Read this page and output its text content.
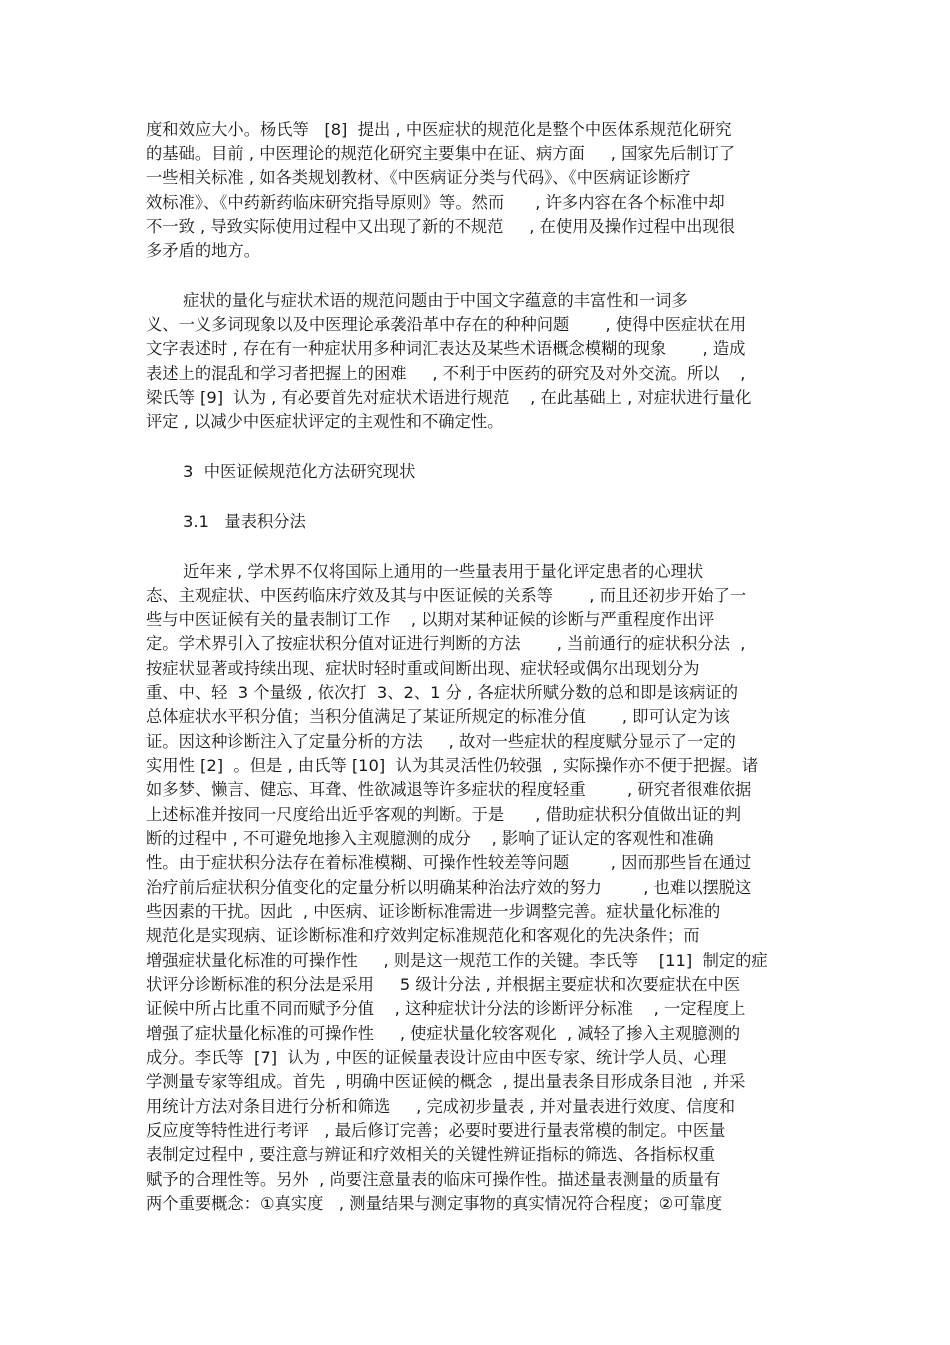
度和效应大小。杨氏等   [8]  提出 , 中医症状的规范化是整个中医体系规范化研究
的基础。目前 , 中医理论的规范化研究主要集中在证、病方面     , 国家先后制订了
一些相关标准 , 如各类规划教材、《中医病证分类与代码》、《中医病证诊断疗
效标准》、《中药新药临床研究指导原则》等。然而      , 许多内容在各个标准中却
不一致 , 导致实际使用过程中又出现了新的不规范     , 在使用及操作过程中出现很
多矛盾的地方。
症状的量化与症状术语的规范问题由于中国文字蕴意的丰富性和一词多
义、一义多词现象以及中医理论承袭沿革中存在的种种问题       , 使得中医症状在用
文字表述时 , 存在有一种症状用多种词汇表达及某些术语概念模糊的现象       , 造成
表述上的混乱和学习者把握上的困难     , 不利于中医药的研究及对外交流。所以    ,
梁氏等 [9]  认为 , 有必要首先对症状术语进行规范    , 在此基础上 , 对症状进行量化
评定 , 以减少中医症状评定的主观性和不确定性。
3  中医证候规范化方法研究现状
3.1   量表积分法
近年来 , 学术界不仅将国际上通用的一些量表用于量化评定患者的心理状
态、主观症状、中医药临床疗效及其与中医证候的关系等       , 而且还初步开始了一
些与中医证候有关的量表制订工作    , 以期对某种证候的诊断与严重程度作出评
定。学术界引入了按症状积分值对证进行判断的方法       , 当前通行的症状积分法  ,
按症状显著或持续出现、症状时轻时重或间断出现、症状轻或偶尔出现划分为
重、中、轻  3 个量级 , 依次打  3、2、1 分 , 各症状所赋分数的总和即是该病证的
总体症状水平积分值；当积分值满足了某证所规定的标准分值       , 即可认定为该
证。因这种诊断注入了定量分析的方法     , 故对一些症状的程度赋分显示了一定的
实用性 [2]  。但是 , 由氏等 [10]  认为其灵活性仍较强  , 实际操作亦不便于把握。诸
如多梦、懒言、健忘、耳聋、性欲减退等许多症状的程度轻重        , 研究者很难依据
上述标准并按同一尺度给出近乎客观的判断。于是      , 借助症状积分值做出证的判
断的过程中 , 不可避免地掺入主观臆测的成分    , 影响了证认定的客观性和准确
性。由于症状积分法存在着标准模糊、可操作性较差等问题        , 因而那些旨在通过
治疗前后症状积分值变化的定量分析以明确某种治法疗效的努力        , 也难以摆脱这
些因素的干扰。因此  , 中医病、证诊断标准需进一步调整完善。症状量化标准的
规范化是实现病、证诊断标准和疗效判定标准规范化和客观化的先决条件；而
增强症状量化标准的可操作性     , 则是这一规范工作的关键。李氏等    [11]  制定的症
状评分诊断标准的积分法是采用     5 级计分法 , 并根据主要症状和次要症状在中医
证候中所占比重不同而赋予分值    , 这种症状计分法的诊断评分标准    , 一定程度上
增强了症状量化标准的可操作性     , 使症状量化较客观化  , 减轻了掺入主观臆测的
成分。李氏等  [7]  认为 , 中医的证候量表设计应由中医专家、统计学人员、心理
学测量专家等组成。首先  , 明确中医证候的概念  , 提出量表条目形成条目池  , 并采
用统计方法对条目进行分析和筛选     , 完成初步量表 , 并对量表进行效度、信度和
反应度等特性进行考评   , 最后修订完善；必要时要进行量表常模的制定。中医量
表制定过程中 , 要注意与辨证和疗效相关的关键性辨证指标的筛选、各指标权重
赋予的合理性等。另外  , 尚要注意量表的临床可操作性。描述量表测量的质量有
两个重要概念：①真实度   , 测量结果与测定事物的真实情况符合程度；②可靠度
